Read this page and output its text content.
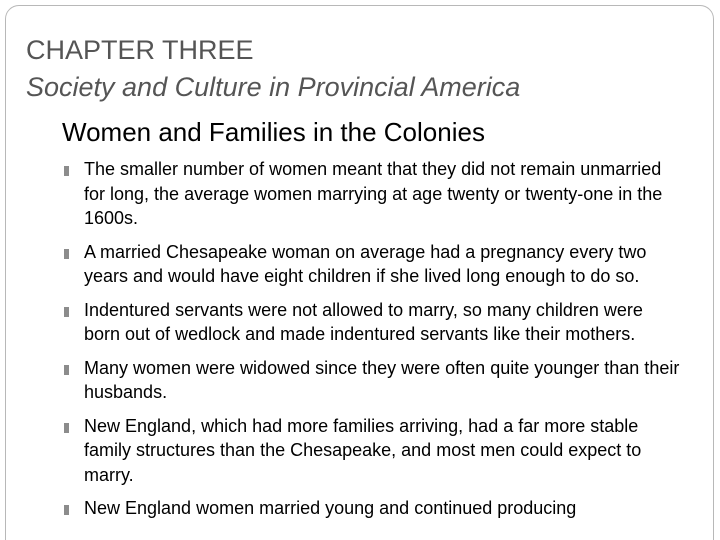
CHAPTER THREE
Society and Culture in Provincial America
Women and Families in the Colonies
The smaller number of women meant that they did not remain unmarried for long, the average women marrying at age twenty or twenty-one in the 1600s.
A married Chesapeake woman on average had a pregnancy every two years and would have eight children if she lived long enough to do so.
Indentured servants were not allowed to marry, so many children were born out of wedlock and made indentured servants like their mothers.
Many women were widowed since they were often quite younger than their husbands.
New England, which had more families arriving, had a far more stable family structures than the Chesapeake, and most men could expect to marry.
New England women married young and continued producing
